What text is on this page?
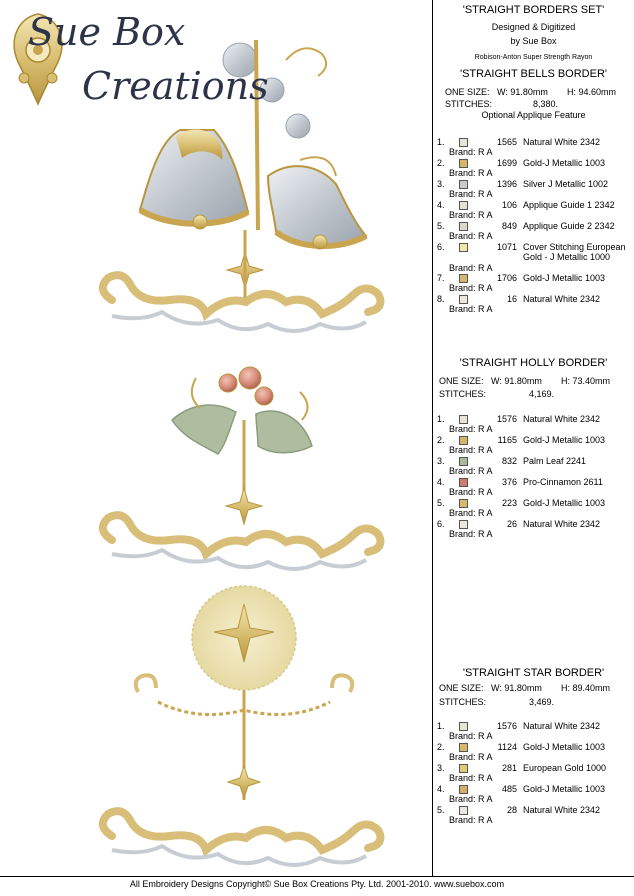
Sue Box
Creations
'STRAIGHT BORDERS SET'
Designed & Digitized
by Sue Box
Robison-Anton Super Strength Rayon
'STRAIGHT BELLS BORDER'
ONE SIZE: W: 91.80mm H: 94.60mm
STITCHES:	8,380.
Optional Applique Feature
1.	1565 Natural White 2342
Brand: R A
2.	1699 Gold-J Metallic 1003
Brand: R A
3.	1396 Silver J Metallic 1002
Brand: R A
4.	106 Applique Guide 1 2342
Brand: R A
5.	849 Applique Guide 2 2342
Brand: R A
6.	1071 Cover Stitching European Gold - J Metallic 1000
Brand: R A
7.	1706 Gold-J Metallic 1003
Brand: R A
8.	16 Natural White 2342
Brand: R A
'STRAIGHT HOLLY BORDER'
ONE SIZE: W: 91.80mm H: 73.40mm
STITCHES:	4,169.
1.	1576 Natural White 2342
Brand: R A
2.	1165 Gold-J Metallic 1003
Brand: R A
3.	832 Palm Leaf 2241
Brand: R A
4.	376 Pro-Cinnamon 2611
Brand: R A
5.	223 Gold-J Metallic 1003
Brand: R A
6.	26 Natural White 2342
Brand: R A
'STRAIGHT STAR BORDER'
ONE SIZE: W: 91.80mm H: 89.40mm
STITCHES:	3,469.
1.	1576 Natural White 2342
Brand: R A
2.	1124 Gold-J Metallic 1003
Brand: R A
3.	281 European Gold 1000
Brand: R A
4.	485 Gold-J Metallic 1003
Brand: R A
5.	28 Natural White 2342
Brand: R A
All Embroidery Designs Copyright© Sue Box Creations Pty. Ltd. 2001-2010. www.suebox.com
